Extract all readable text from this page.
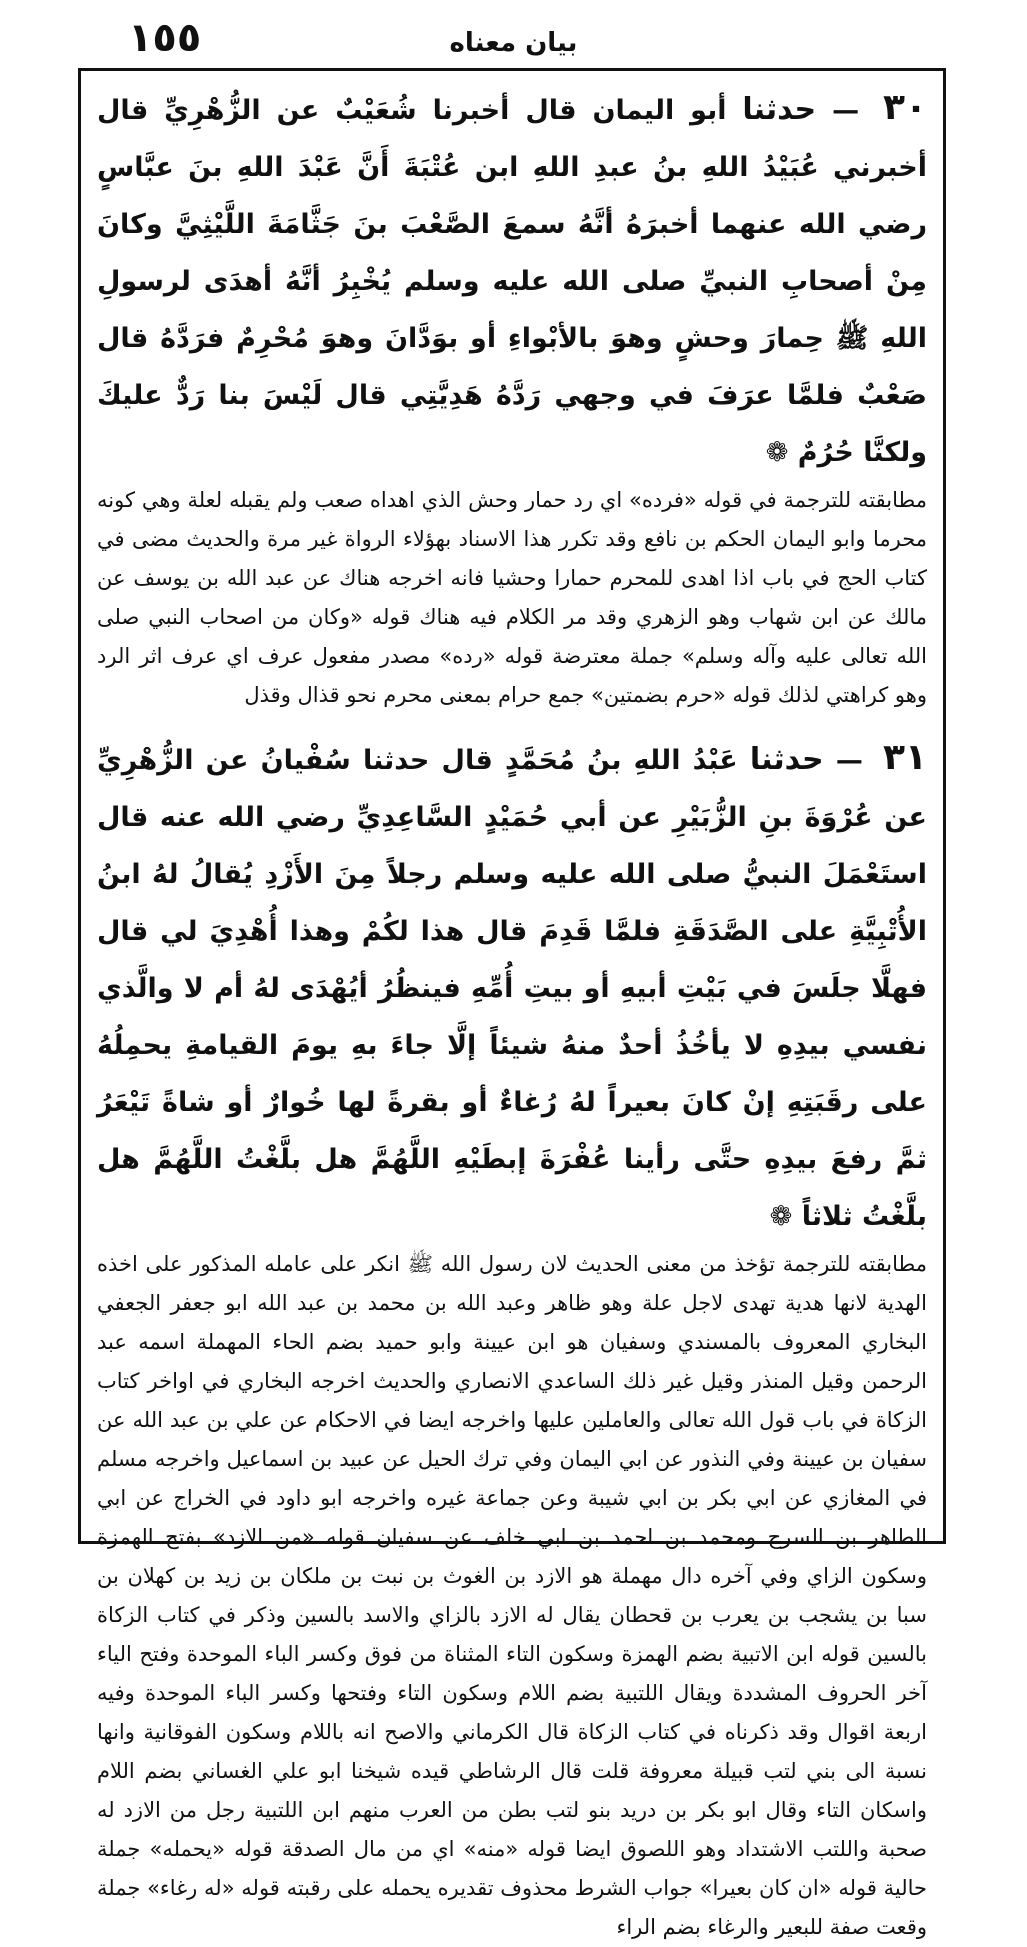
١٥٥	بيان معناه

٣٠ — حدثنا أبو اليمان قال أخبرنا شُعَيْبٌ عن الزُّهْرِيِّ قال أخبرني عُبَيْدُ اللهِ بنُ عبدِ اللهِ ابن عُتْبَةَ أَنَّ عَبْدَ اللهِ بنَ عبَّاسٍ رضي الله عنهما أخبرَهُ أنَّهُ سمعَ الصَّعْبَ بنَ جَثَّامَةَ اللَّيْثِيَّ وكانَ مِنْ أصحابِ النبيِّ صلى الله عليه وسلم يُخْبِرُ أنَّهُ أهدَى لرسولِ اللهِ ﷺ حِمارَ وحشٍ وهوَ بالأبْواءِ أو بوَدَّانَ وهوَ مُحْرِمٌ فرَدَّهُ قال صَعْبٌ فلمَّا عرَفَ في وجهي رَدَّهُ هَدِيَّتِي قال لَيْسَ بنا رَدٌّ عليكَ ولكنَّا حُرُمٌ ❁

مطابقته للترجمة في قوله «فرده» اي رد حمار وحش الذي اهداه صعب ولم يقبله لعلة وهي كونه محرما وابو اليمان الحكم بن نافع وقد تكرر هذا الاسناد بهؤلاء الرواة غير مرة والحديث مضى في كتاب الحج في باب اذا اهدى للمحرم حمارا وحشيا فانه اخرجه هناك عن عبد الله بن يوسف عن مالك عن ابن شهاب وهو الزهري وقد مر الكلام فيه هناك قوله «وكان من اصحاب النبي صلى الله تعالى عليه وآله وسلم» جملة معترضة قوله «رده» مصدر مفعول عرف اي عرف اثر الرد وهو كراهتي لذلك قوله «حرم بضمتين» جمع حرام بمعنى محرم نحو قذال وقذل

٣١ — حدثنا عَبْدُ اللهِ بنُ مُحَمَّدٍ قال حدثنا سُفْيانُ عن الزُّهْرِيِّ عن عُرْوَةَ بنِ الزُّبَيْرِ عن أبي حُمَيْدٍ السَّاعِدِيِّ رضي الله عنه قال استَعْمَلَ النبيُّ صلى الله عليه وسلم رجلاً مِنَ الأَزْدِ يُقالُ لهُ ابنُ الأُتْبِيَّةِ على الصَّدَقَةِ فلمَّا قَدِمَ قال هذا لكُمْ وهذا أُهْدِيَ لي قال فهلَّا جلَسَ في بَيْتِ أبيهِ أو بيتِ أُمِّهِ فينظُرُ أيُهْدَى لهُ أم لا والَّذي نفسي بيدِهِ لا يأخُذُ أحدٌ منهُ شيئاً إلَّا جاءَ بهِ يومَ القيامةِ يحمِلُهُ على رقَبَتِهِ إنْ كانَ بعيراً لهُ رُغاءٌ أو بقرةً لها خُوارٌ أو شاةً تَيْعَرُ ثمَّ رفعَ بيدِهِ حتَّى رأينا عُفْرَةَ إبطَيْهِ اللَّهُمَّ هل بلَّغْتُ اللَّهُمَّ هل بلَّغْتُ ثلاثاً ❁

مطابقته للترجمة تؤخذ من معنى الحديث لان رسول الله ﷺ انكر على عامله المذكور على اخذه الهدية لانها هدية تهدى لاجل علة وهو ظاهر وعبد الله بن محمد بن عبد الله ابو جعفر الجعفي البخاري المعروف بالمسندي وسفيان هو ابن عيينة وابو حميد بضم الحاء المهملة اسمه عبد الرحمن وقيل المنذر وقيل غير ذلك الساعدي الانصاري والحديث اخرجه البخاري في اواخر كتاب الزكاة في باب قول الله تعالى والعاملين عليها واخرجه ايضا في الاحكام عن علي بن عبد الله عن سفيان بن عيينة وفي النذور عن ابي اليمان وفي ترك الحيل عن عبيد بن اسماعيل واخرجه مسلم في المغازي عن ابي بكر بن ابي شيبة وعن جماعة غيره واخرجه ابو داود في الخراج عن ابي الطاهر بن السرح ومحمد بن احمد بن ابي خلف عن سفيان قوله «من الازد» بفتح الهمزة وسكون الزاي وفي آخره دال مهملة هو الازد بن الغوث بن نبت بن ملكان بن زيد بن كهلان بن سبا بن يشجب بن يعرب بن قحطان يقال له الازد بالزاي والاسد بالسين وذكر في كتاب الزكاة بالسين قوله ابن الاتبية بضم الهمزة وسكون التاء المثناة من فوق وكسر الباء الموحدة وفتح الياء آخر الحروف المشددة ويقال اللتبية بضم اللام وسكون التاء وفتحها وكسر الباء الموحدة وفيه اربعة اقوال وقد ذكرناه في كتاب الزكاة قال الكرماني والاصح انه باللام وسكون الفوقانية وانها نسبة الى بني لتب قبيلة معروفة قلت قال الرشاطي قيده شيخنا ابو علي الغساني بضم اللام واسكان التاء وقال ابو بكر بن دريد بنو لتب بطن من العرب منهم ابن اللتبية رجل من الازد له صحبة واللتب الاشتداد وهو اللصوق ايضا قوله «منه» اي من مال الصدقة قوله «يحمله» جملة حالية قوله «ان كان بعيرا» جواب الشرط محذوف تقديره يحمله على رقبته قوله «له رغاء» جملة وقعت صفة للبعير والرغاء بضم الراء
